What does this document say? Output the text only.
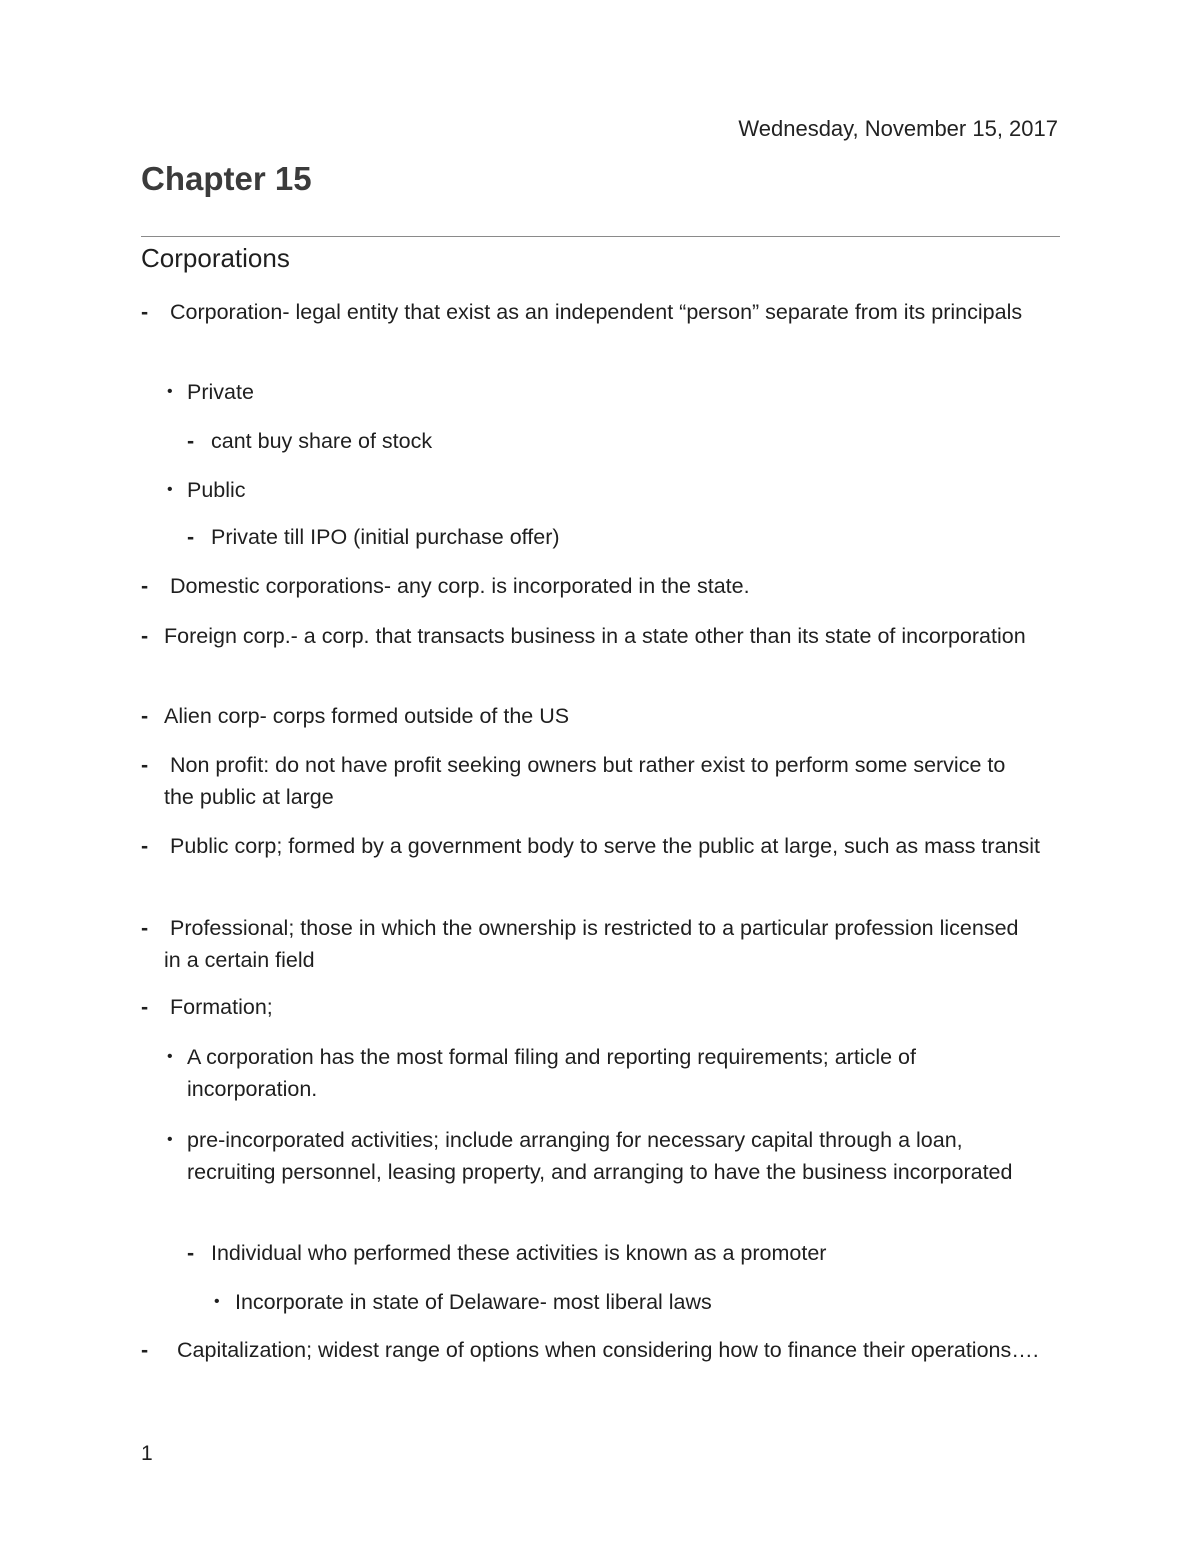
Wednesday, November 15, 2017
Chapter 15
Corporations
-	Corporation- legal entity that exist as an independent “person” separate from its principals
• Private
- cant buy share of stock
• Public
- Private till IPO (initial purchase offer)
-	Domestic corporations- any corp. is incorporated in the state.
- Foreign corp.- a corp. that transacts business in a state other than its state of incorporation
- Alien corp- corps formed outside of the US
-	Non profit: do not have profit seeking owners but rather exist to perform some service to the public at large
-	Public corp; formed by a government body to serve the public at large, such as mass transit
-	Professional; those in which the ownership is restricted to a particular profession licensed in a certain field
-	Formation;
• A corporation has the most formal filing and reporting requirements; article of incorporation.
• pre-incorporated activities; include arranging for necessary capital through a loan, recruiting personnel, leasing property, and arranging to have the business incorporated
- Individual who performed these activities is known as a promoter
• Incorporate in state of Delaware- most liberal laws
-	Capitalization; widest range of options when considering how to finance their operations….
1
